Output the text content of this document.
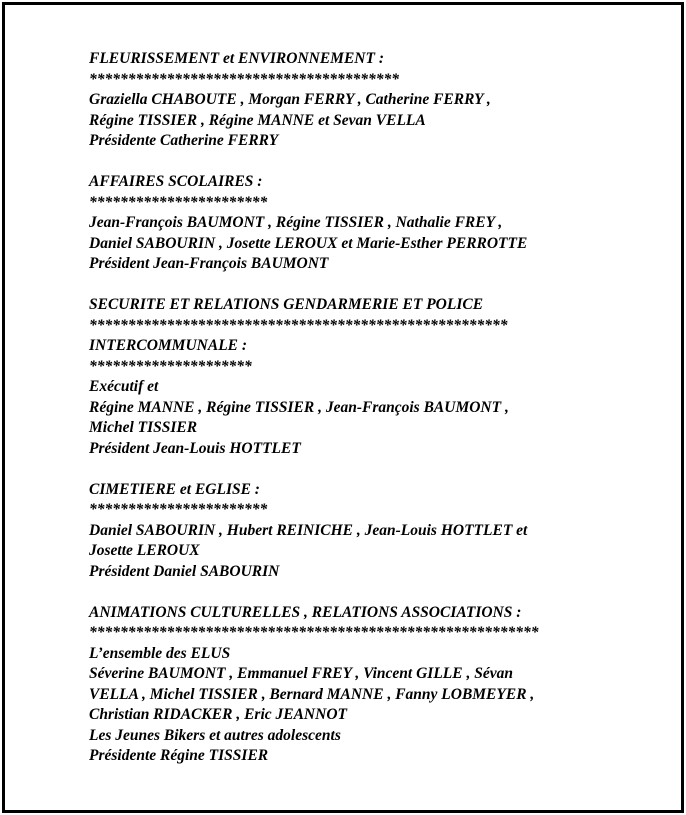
FLEURISSEMENT et ENVIRONNEMENT :
****************************************
Graziella CHABOUTE , Morgan FERRY , Catherine FERRY ,
Régine TISSIER , Régine MANNE et Sevan VELLA
Présidente Catherine FERRY
AFFAIRES SCOLAIRES :
***********************
Jean-François BAUMONT , Régine TISSIER , Nathalie FREY ,
Daniel SABOURIN , Josette LEROUX et Marie-Esther PERROTTE
Président Jean-François BAUMONT
SECURITE ET RELATIONS GENDARMERIE ET POLICE
******************************************************
INTERCOMMUNALE :
*********************
Exécutif et
Régine MANNE , Régine TISSIER , Jean-François BAUMONT ,
Michel TISSIER
Président Jean-Louis HOTTLET
CIMETIERE et EGLISE :
***********************
Daniel SABOURIN , Hubert REINICHE , Jean-Louis HOTTLET et
Josette LEROUX
Président Daniel SABOURIN
ANIMATIONS CULTURELLES , RELATIONS ASSOCIATIONS :
**********************************************************
L’ensemble des ELUS
Séverine BAUMONT , Emmanuel FREY , Vincent GILLE , Sévan
VELLA , Michel TISSIER , Bernard MANNE , Fanny LOBMEYER ,
Christian RIDACKER , Eric JEANNOT
Les Jeunes Bikers et autres adolescents
Présidente Régine TISSIER
